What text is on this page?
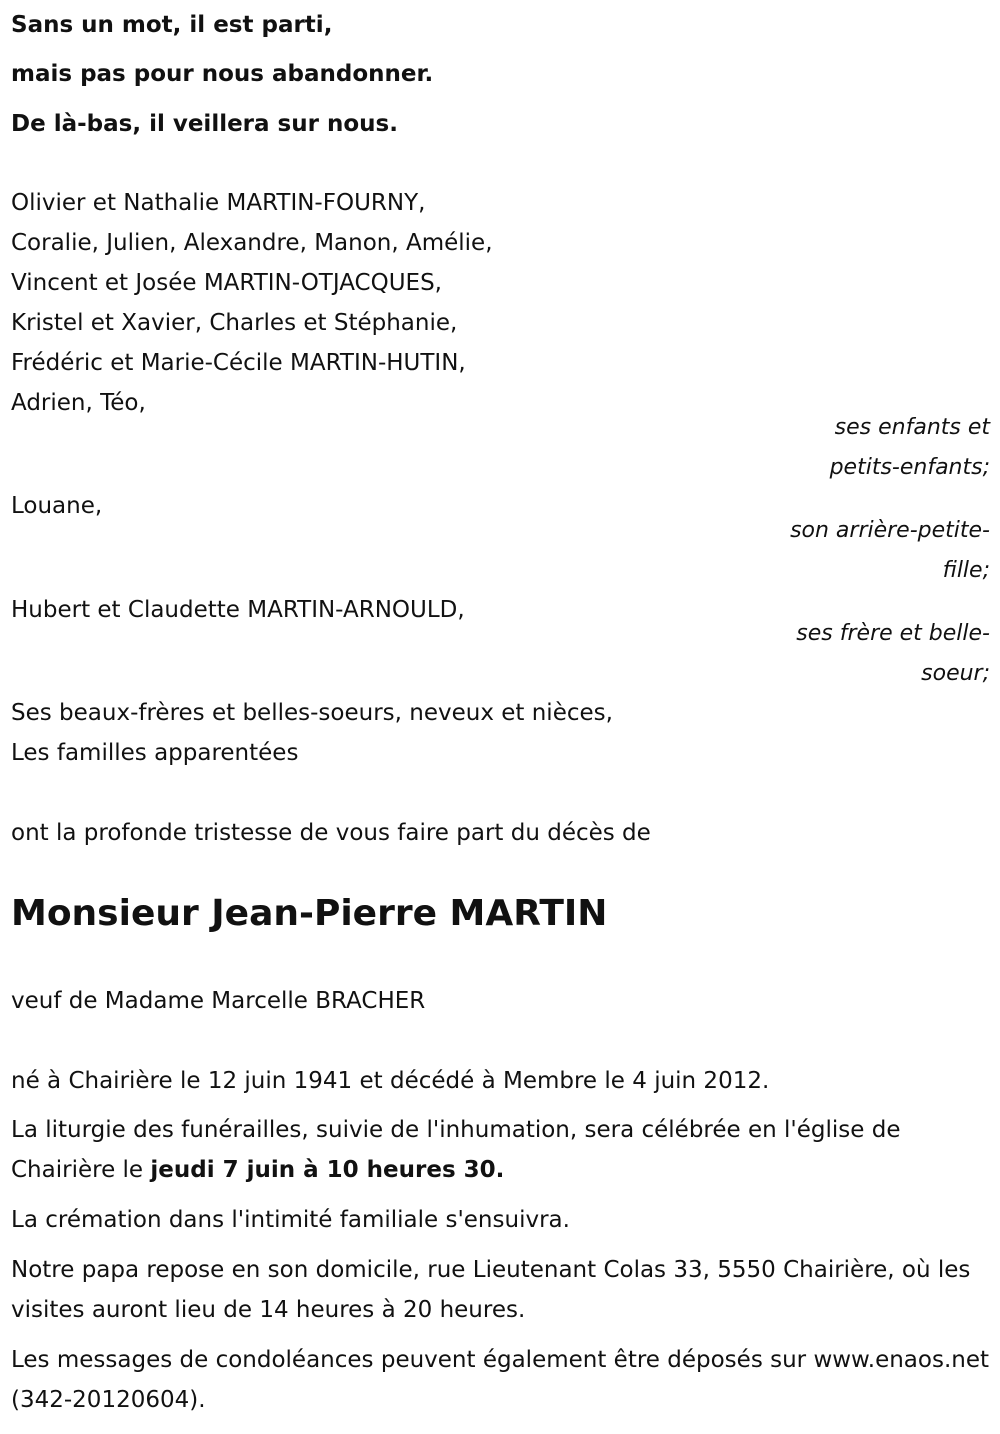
Sans un mot, il est parti,
mais pas pour nous abandonner.
De là-bas, il veillera sur nous.
Olivier et Nathalie MARTIN-FOURNY,
Coralie, Julien, Alexandre, Manon, Amélie,
Vincent et Josée MARTIN-OTJACQUES,
Kristel et Xavier, Charles et Stéphanie,
Frédéric et Marie-Cécile MARTIN-HUTIN,
Adrien, Téo,
ses enfants et
petits-enfants;
Louane,
son arrière-petite-
fille;
Hubert et Claudette MARTIN-ARNOULD,
ses frère et belle-
soeur;
Ses beaux-frères et belles-soeurs, neveux et nièces,
Les familles apparentées
ont la profonde tristesse de vous faire part du décès de
Monsieur Jean-Pierre MARTIN
veuf de Madame Marcelle BRACHER
né à Chairière le 12 juin 1941 et décédé à Membre le 4 juin 2012.
La liturgie des funérailles, suivie de l'inhumation, sera célébrée en l'église de Chairière le jeudi 7 juin à 10 heures 30.
La crémation dans l'intimité familiale s'ensuivra.
Notre papa repose en son domicile, rue Lieutenant Colas 33, 5550 Chairière, où les visites auront lieu de 14 heures à 20 heures.
Les messages de condoléances peuvent également être déposés sur www.enaos.net (342-20120604).
